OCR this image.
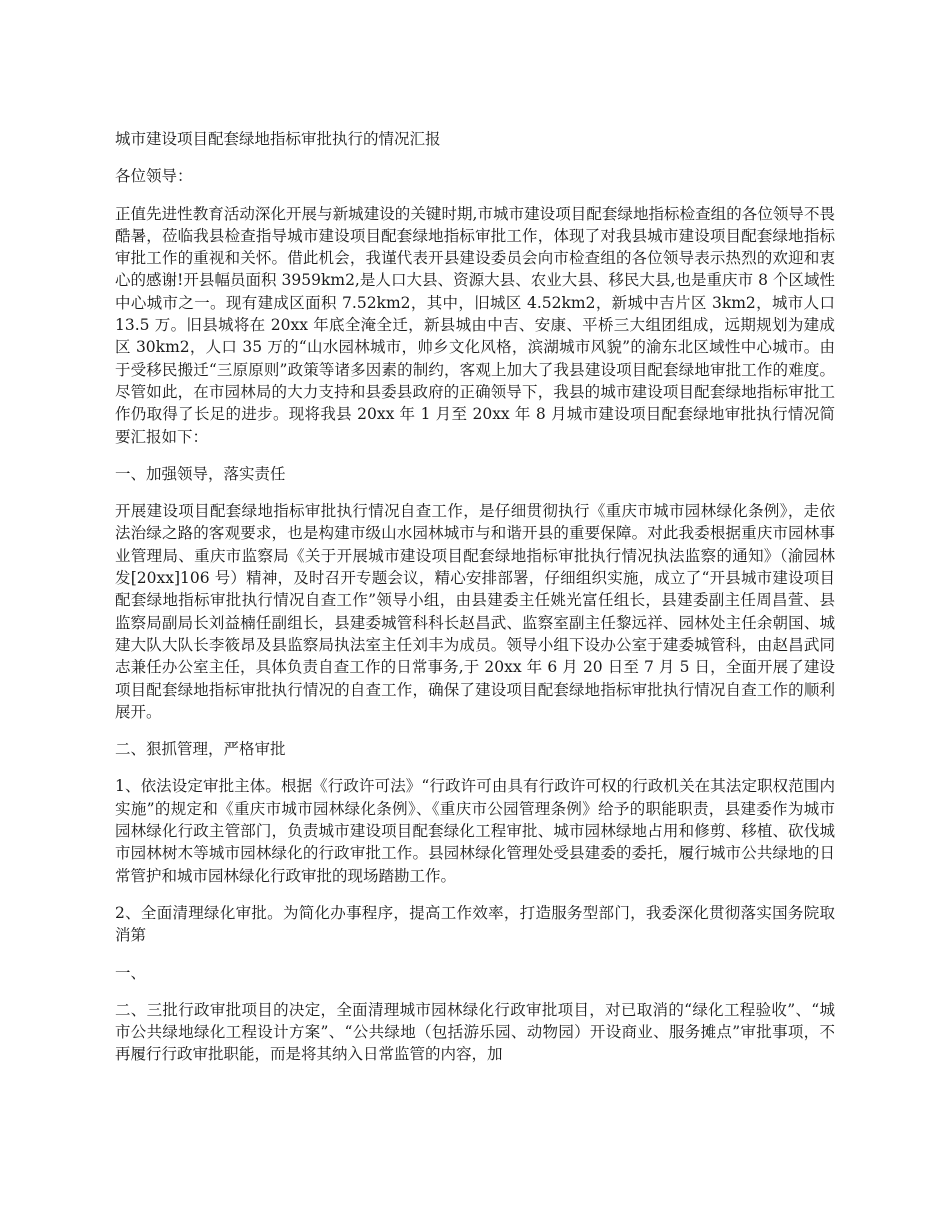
城市建设项目配套绿地指标审批执行的情况汇报

各位领导：

正值先进性教育活动深化开展与新城建设的关键时期,市城市建设项目配套绿地指标检查组的各位领导不畏酷暑，莅临我县检查指导城市建设项目配套绿地指标审批工作，体现了对我县城市建设项目配套绿地指标审批工作的重视和关怀。借此机会，我谨代表开县建设委员会向市检查组的各位领导表示热烈的欢迎和衷心的感谢!开县幅员面积 3959km2,是人口大县、资源大县、农业大县、移民大县,也是重庆市 8 个区域性中心城市之一。现有建成区面积 7.52km2，其中，旧城区 4.52km2，新城中吉片区 3km2，城市人口 13.5 万。旧县城将在 20xx 年底全淹全迁，新县城由中吉、安康、平桥三大组团组成，远期规划为建成区 30km2，人口 35 万的“山水园林城市，帅乡文化风格，滨湖城市风貌”的渝东北区域性中心城市。由于受移民搬迁“三原原则”政策等诸多因素的制约，客观上加大了我县建设项目配套绿地审批工作的难度。尽管如此，在市园林局的大力支持和县委县政府的正确领导下，我县的城市建设项目配套绿地指标审批工作仍取得了长足的进步。现将我县 20xx 年 1 月至 20xx 年 8 月城市建设项目配套绿地审批执行情况简要汇报如下：

一、加强领导，落实责任

开展建设项目配套绿地指标审批执行情况自查工作，是仔细贯彻执行《重庆市城市园林绿化条例》，走依法治绿之路的客观要求，也是构建市级山水园林城市与和谐开县的重要保障。对此我委根据重庆市园林事业管理局、重庆市监察局《关于开展城市建设项目配套绿地指标审批执行情况执法监察的通知》（渝园林发[20xx]106 号）精神，及时召开专题会议，精心安排部署，仔细组织实施，成立了“开县城市建设项目配套绿地指标审批执行情况自查工作”领导小组，由县建委主任姚光富任组长，县建委副主任周昌萱、县监察局副局长刘益楠任副组长，县建委城管科科长赵昌武、监察室副主任黎远祥、园林处主任余朝国、城建大队大队长李筱昂及县监察局执法室主任刘丰为成员。领导小组下设办公室于建委城管科，由赵昌武同志兼任办公室主任，具体负责自查工作的日常事务,于 20xx 年 6 月 20 日至 7 月 5 日，全面开展了建设项目配套绿地指标审批执行情况的自查工作，确保了建设项目配套绿地指标审批执行情况自查工作的顺利展开。

二、狠抓管理，严格审批

1、依法设定审批主体。根据《行政许可法》“行政许可由具有行政许可权的行政机关在其法定职权范围内实施”的规定和《重庆市城市园林绿化条例》、《重庆市公园管理条例》给予的职能职责，县建委作为城市园林绿化行政主管部门，负责城市建设项目配套绿化工程审批、城市园林绿地占用和修剪、移植、砍伐城市园林树木等城市园林绿化的行政审批工作。县园林绿化管理处受县建委的委托，履行城市公共绿地的日常管护和城市园林绿化行政审批的现场踏勘工作。

2、全面清理绿化审批。为简化办事程序，提高工作效率，打造服务型部门，我委深化贯彻落实国务院取消第

一、

二、三批行政审批项目的决定，全面清理城市园林绿化行政审批项目，对已取消的“绿化工程验收”、“城市公共绿地绿化工程设计方案”、“公共绿地（包括游乐园、动物园）开设商业、服务摊点”审批事项，不再履行行政审批职能，而是将其纳入日常监管的内容，加
